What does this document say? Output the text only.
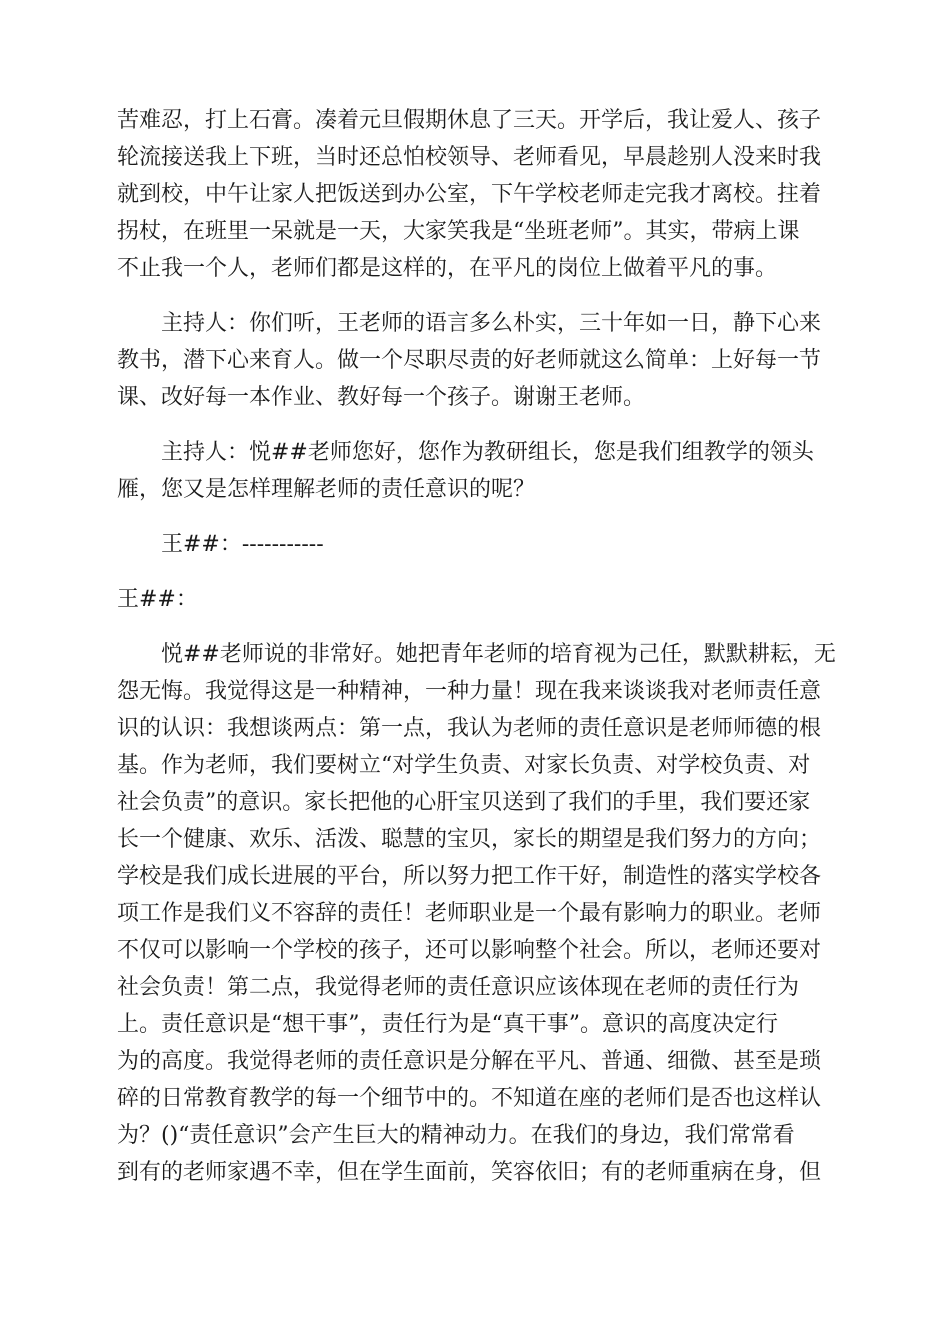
苦难忍，打上石膏。凑着元旦假期休息了三天。开学后，我让爱人、孩子
轮流接送我上下班，当时还总怕校领导、老师看见，早晨趁别人没来时我
就到校，中午让家人把饭送到办公室，下午学校老师走完我才离校。拄着
拐杖，在班里一呆就是一天，大家笑我是“坐班老师”。其实，带病上课
不止我一个人，老师们都是这样的，在平凡的岗位上做着平凡的事。
主持人：你们听，王老师的语言多么朴实，三十年如一日，静下心来
教书，潜下心来育人。做一个尽职尽责的好老师就这么简单：上好每一节
课、改好每一本作业、教好每一个孩子。谢谢王老师。
主持人：悦##老师您好，您作为教研组长，您是我们组教学的领头
雁，您又是怎样理解老师的责任意识的呢？
王##：-----------
王##：
悦##老师说的非常好。她把青年老师的培育视为己任，默默耕耘，无
怨无悔。我觉得这是一种精神，一种力量！现在我来谈谈我对老师责任意
识的认识：我想谈两点：第一点，我认为老师的责任意识是老师师德的根
基。作为老师，我们要树立“对学生负责、对家长负责、对学校负责、对
社会负责”的意识。家长把他的心肝宝贝送到了我们的手里，我们要还家
长一个健康、欢乐、活泼、聪慧的宝贝，家长的期望是我们努力的方向；
学校是我们成长进展的平台，所以努力把工作干好，制造性的落实学校各
项工作是我们义不容辞的责任！老师职业是一个最有影响力的职业。老师
不仅可以影响一个学校的孩子，还可以影响整个社会。所以，老师还要对
社会负责！第二点，我觉得老师的责任意识应该体现在老师的责任行为
上。责任意识是“想干事”，责任行为是“真干事”。意识的高度决定行
为的高度。我觉得老师的责任意识是分解在平凡、普通、细微、甚至是琐
碎的日常教育教学的每一个细节中的。不知道在座的老师们是否也这样认
为？()“责任意识”会产生巨大的精神动力。在我们的身边，我们常常看
到有的老师家遇不幸，但在学生面前，笑容依旧；有的老师重病在身，但
